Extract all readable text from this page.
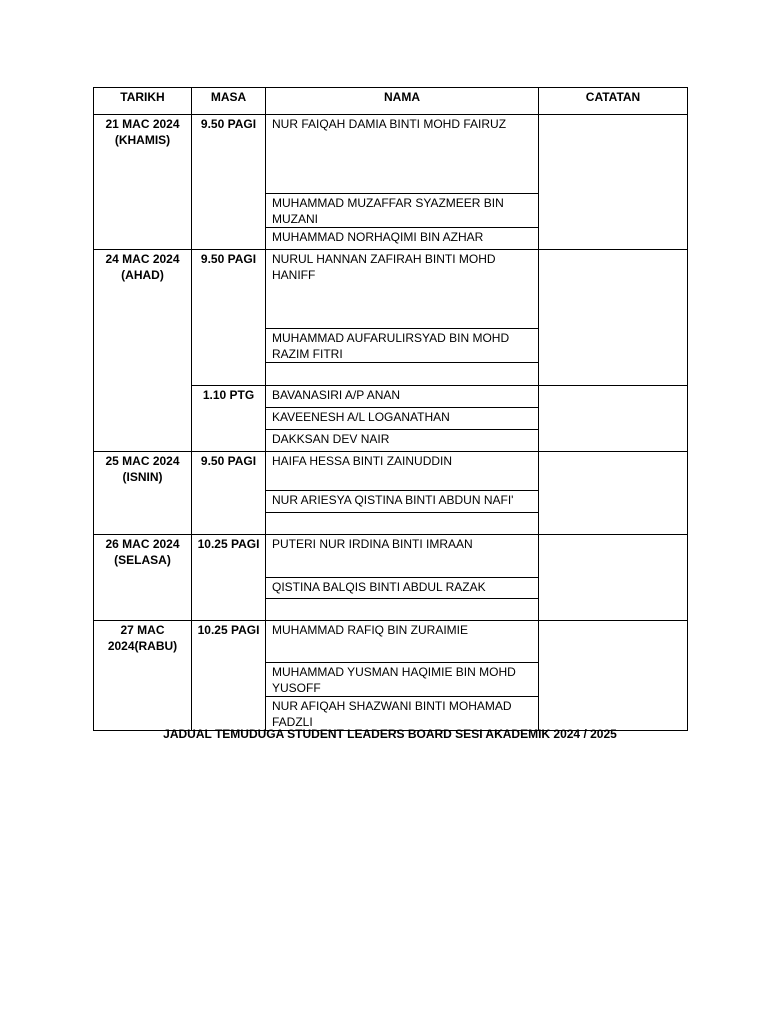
TARIKH	MASA	NAMA	CATATAN

21 MAC 2024
(KHAMIS)	9.50 PAGI	NUR FAIQAH DAMIA BINTI MOHD FAIRUZ	
		MUHAMMAD MUZAFFAR SYAZMEER BIN MUZANI	
		MUHAMMAD NORHAQIMI BIN AZHAR	

24 MAC 2024
(AHAD)	9.50 PAGI	NURUL HANNAN ZAFIRAH BINTI MOHD HANIFF	
		MUHAMMAD AUFARULIRSYAD BIN MOHD RAZIM FITRI	

	1.10 PTG	BAVANASIRI A/P ANAN	
		KAVEENESH A/L LOGANATHAN	
		DAKKSAN DEV NAIR	

25 MAC 2024
(ISNIN)	9.50 PAGI	HAIFA HESSA BINTI ZAINUDDIN	
		NUR ARIESYA QISTINA BINTI ABDUN NAFI'	

26 MAC 2024
(SELASA)	10.25 PAGI	PUTERI NUR IRDINA BINTI IMRAAN	
		QISTINA BALQIS BINTI ABDUL RAZAK	

27 MAC 2024(RABU)	10.25 PAGI	MUHAMMAD RAFIQ BIN ZURAIMIE	
		MUHAMMAD YUSMAN HAQIMIE BIN MOHD YUSOFF	
		NUR AFIQAH SHAZWANI BINTI MOHAMAD FADZLI	
JADUAL TEMUDUGA STUDENT LEADERS BOARD SESI AKADEMIK 2024 / 2025
